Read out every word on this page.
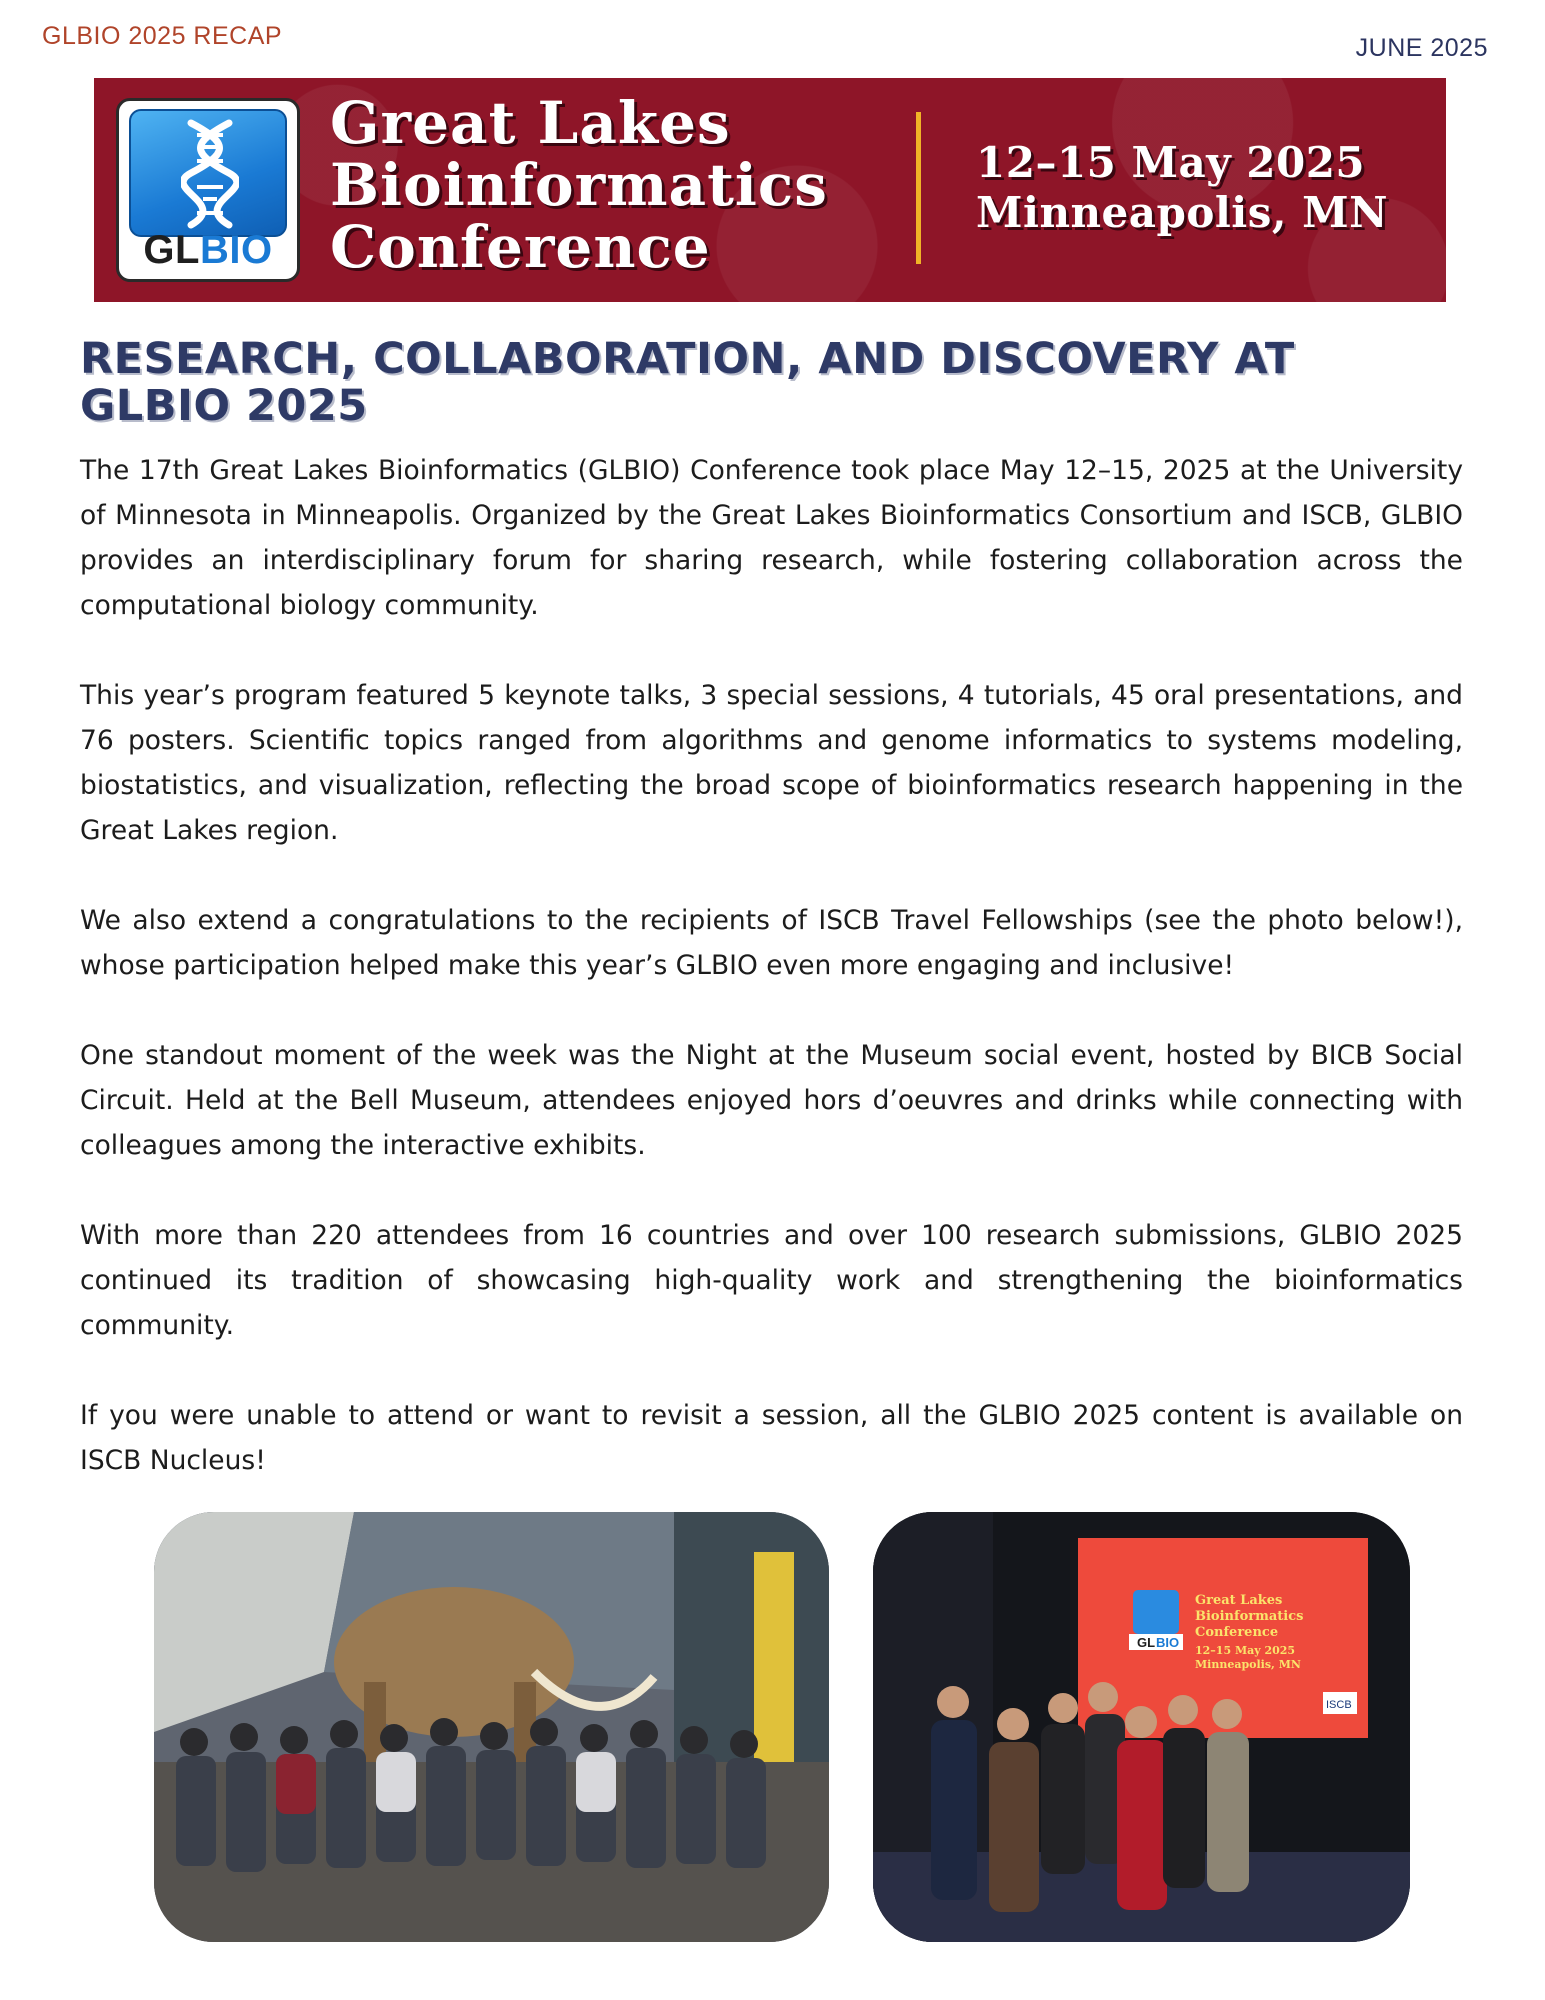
GLBIO 2025 RECAP	JUNE 2025
GLBIO
Great Lakes
Bioinformatics
Conference
12–15 May 2025
Minneapolis, MN
RESEARCH, COLLABORATION, AND DISCOVERY AT
GLBIO 2025

The 17th Great Lakes Bioinformatics (GLBIO) Conference took place May 12–15, 2025 at the University of Minnesota in Minneapolis. Organized by the Great Lakes Bioinformatics Consortium and ISCB, GLBIO provides an interdisciplinary forum for sharing research, while fostering collaboration across the computational biology community.

This year’s program featured 5 keynote talks, 3 special sessions, 4 tutorials, 45 oral presentations, and 76 posters. Scientific topics ranged from algorithms and genome informatics to systems modeling, biostatistics, and visualization, reflecting the broad scope of bioinformatics research happening in the Great Lakes region.

We also extend a congratulations to the recipients of ISCB Travel Fellowships (see the photo below!), whose participation helped make this year’s GLBIO even more engaging and inclusive!

One standout moment of the week was the Night at the Museum social event, hosted by BICB Social Circuit. Held at the Bell Museum, attendees enjoyed hors d’oeuvres and drinks while connecting with colleagues among the interactive exhibits.

With more than 220 attendees from 16 countries and over 100 research submissions, GLBIO 2025 continued its tradition of showcasing high-quality work and strengthening the bioinformatics community.

If you were unable to attend or want to revisit a session, all the GLBIO 2025 content is available on ISCB Nucleus!

GL BIO
Great Lakes
Bioinformatics
Conference
12–15 May 2025
Minneapolis, MN
ISCB
